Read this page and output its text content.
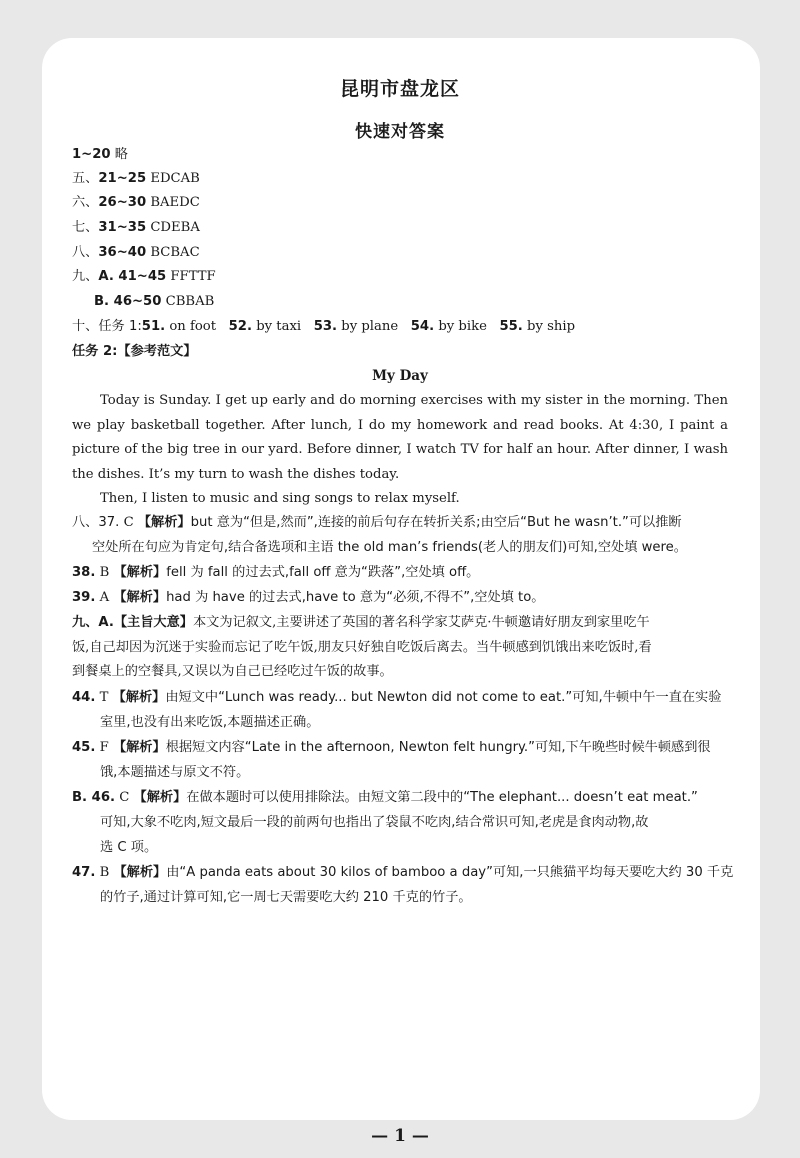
昆明市盘龙区
快速对答案
1~20 略
五、21~25 EDCAB
六、26~30 BAEDC
七、31~35 CDEBA
八、36~40 BCBAC
九、A. 41~45 FFTTF
B. 46~50 CBBAB
十、任务 1:51. on foot 52. by taxi 53. by plane 54. by bike 55. by ship
任务 2:【参考范文】
My Day
Today is Sunday. I get up early and do morning exercises with my sister in the morning. Then we play basketball together. After lunch, I do my homework and read books. At 4:30, I paint a picture of the big tree in our yard. Before dinner, I watch TV for half an hour. After dinner, I wash the dishes. It’s my turn to wash the dishes today.
Then, I listen to music and sing songs to relax myself.
八、37. C 【解析】but 意为“但是,然而”,连接的前后句存在转折关系;由空后“But he wasn’t.”可以推断
空处所在句应为肯定句,结合备选项和主语 the old man’s friends(老人的朋友们)可知,空处填 were。
38. B 【解析】fell 为 fall 的过去式,fall off 意为“跌落”,空处填 off。
39. A 【解析】had 为 have 的过去式,have to 意为“必须,不得不”,空处填 to。
九、A.【主旨大意】本文为记叙文,主要讲述了英国的著名科学家艾萨克·牛顿邀请好朋友到家里吃午
饭,自己却因为沉迷于实验而忘记了吃午饭,朋友只好独自吃饭后离去。当牛顿感到饥饿出来吃饭时,看
到餐桌上的空餐具,又误以为自己已经吃过午饭的故事。
44. T 【解析】由短文中“Lunch was ready... but Newton did not come to eat.”可知,牛顿中午一直在实验
室里,也没有出来吃饭,本题描述正确。
45. F 【解析】根据短文内容“Late in the afternoon, Newton felt hungry.”可知,下午晚些时候牛顿感到很
饿,本题描述与原文不符。
B. 46. C 【解析】在做本题时可以使用排除法。由短文第二段中的“The elephant... doesn’t eat meat.”
可知,大象不吃肉,短文最后一段的前两句也指出了袋鼠不吃肉,结合常识可知,老虎是食肉动物,故
选 C 项。
47. B 【解析】由“A panda eats about 30 kilos of bamboo a day”可知,一只熊猫平均每天要吃大约 30 千克
的竹子,通过计算可知,它一周七天需要吃大约 210 千克的竹子。
— 1 —
